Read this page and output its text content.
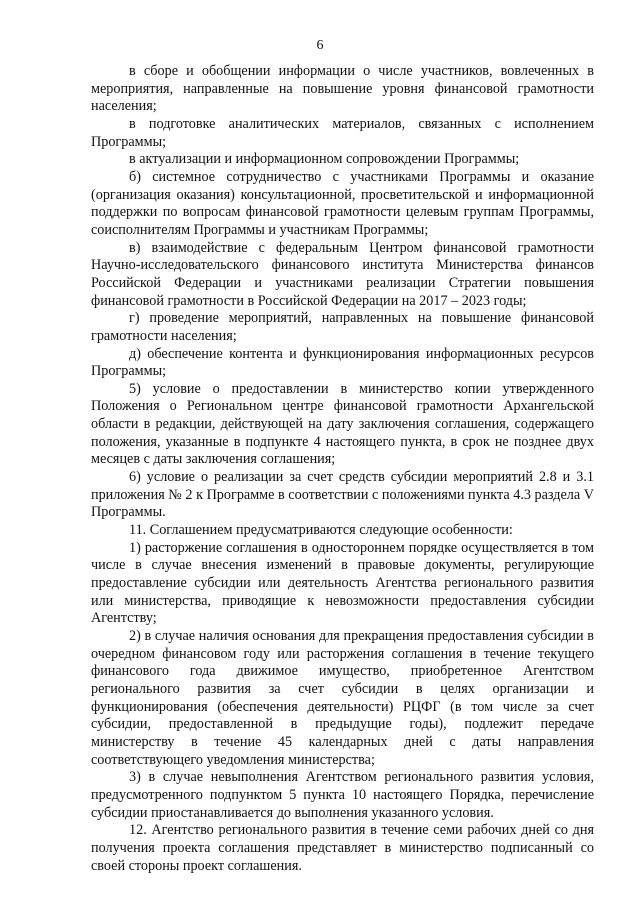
6

в сборе и обобщении информации о числе участников, вовлеченных в мероприятия, направленные на повышение уровня финансовой грамотности населения;

в подготовке аналитических материалов, связанных с исполнением Программы;

в актуализации и информационном сопровождении Программы;

б) системное сотрудничество с участниками Программы и оказание (организация оказания) консультационной, просветительской и информационной поддержки по вопросам финансовой грамотности целевым группам Программы, соисполнителям Программы и участникам Программы;

в) взаимодействие с федеральным Центром финансовой грамотности Научно-исследовательского финансового института Министерства финансов Российской Федерации и участниками реализации Стратегии повышения финансовой грамотности в Российской Федерации на 2017 – 2023 годы;

г) проведение мероприятий, направленных на повышение финансовой грамотности населения;

д) обеспечение контента и функционирования информационных ресурсов Программы;

5) условие о предоставлении в министерство копии утвержденного Положения о Региональном центре финансовой грамотности Архангельской области в редакции, действующей на дату заключения соглашения, содержащего положения, указанные в подпункте 4 настоящего пункта, в срок не позднее двух месяцев с даты заключения соглашения;

6) условие о реализации за счет средств субсидии мероприятий 2.8 и 3.1 приложения № 2 к Программе в соответствии с положениями пункта 4.3 раздела V Программы.

11. Соглашением предусматриваются следующие особенности:

1) расторжение соглашения в одностороннем порядке осуществляется в том числе в случае внесения изменений в правовые документы, регулирующие предоставление субсидии или деятельность Агентства регионального развития или министерства, приводящие к невозможности предоставления субсидии Агентству;

2) в случае наличия основания для прекращения предоставления субсидии в очередном финансовом году или расторжения соглашения в течение текущего финансового года движимое имущество, приобретенное Агентством регионального развития за счет субсидии в целях организации и функционирования (обеспечения деятельности) РЦФГ (в том числе за счет субсидии, предоставленной в предыдущие годы), подлежит передаче министерству в течение 45 календарных дней с даты направления соответствующего уведомления министерства;

3) в случае невыполнения Агентством регионального развития условия, предусмотренного подпунктом 5 пункта 10 настоящего Порядка, перечисление субсидии приостанавливается до выполнения указанного условия.

12. Агентство регионального развития в течение семи рабочих дней со дня получения проекта соглашения представляет в министерство подписанный со своей стороны проект соглашения.
